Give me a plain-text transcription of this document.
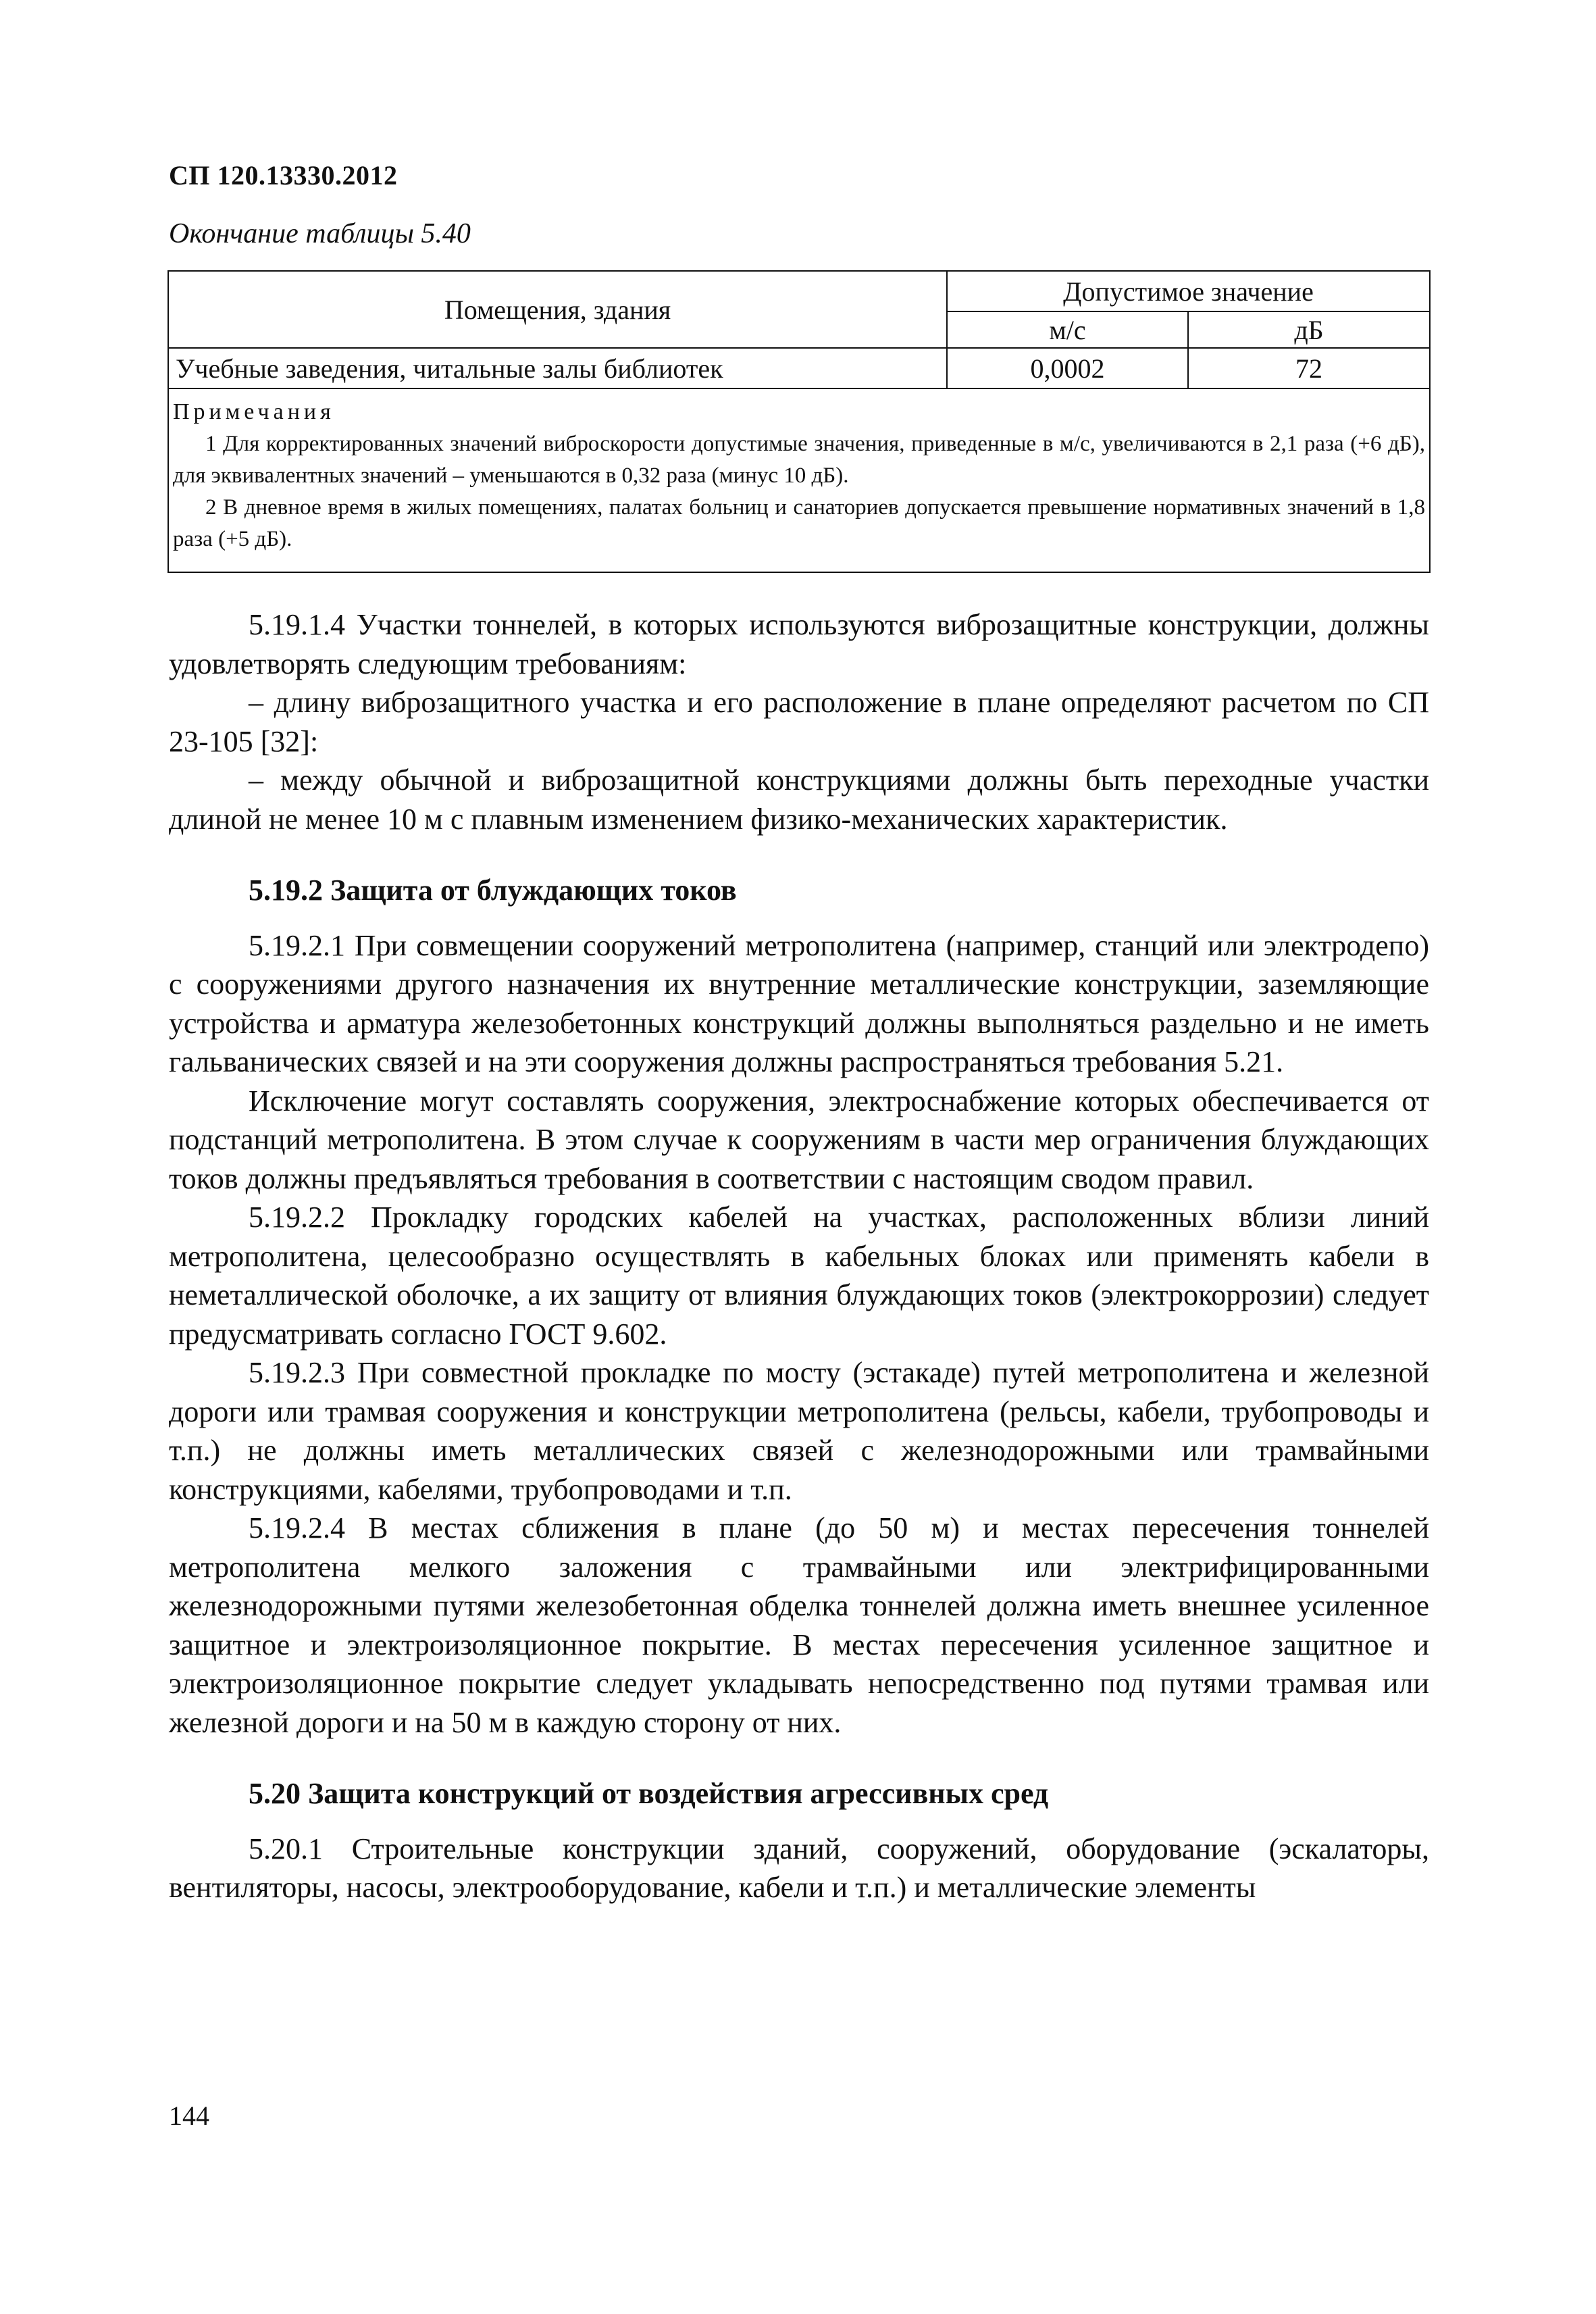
СП 120.13330.2012
Окончание таблицы 5.40
Помещения, здания	Допустимое значение	
	м/с	дБ
Учебные заведения, читальные залы библиотек	0,0002	72

Примечания

1 Для корректированных значений виброскорости допустимые значения, приведенные в м/с, увеличиваются в 2,1 раза (+6 дБ), для эквивалентных значений – уменьшаются в 0,32 раза (минус 10 дБ).

2 В дневное время в жилых помещениях, палатах больниц и санаториев допускается превышение нормативных значений в 1,8 раза (+5 дБ).		

5.19.1.4 Участки тоннелей, в которых используются виброзащитные конструкции, должны удовлетворять следующим требованиям:

– длину виброзащитного участка и его расположение в плане определяют расчетом по СП 23-105 [32]:

– между обычной и виброзащитной конструкциями должны быть переходные участки длиной не менее 10 м с плавным изменением физико-механических характеристик.

5.19.2 Защита от блуждающих токов

5.19.2.1 При совмещении сооружений метрополитена (например, станций или электродепо) с сооружениями другого назначения их внутренние металлические конструкции, заземляющие устройства и арматура железобетонных конструкций должны выполняться раздельно и не иметь гальванических связей и на эти сооружения должны распространяться требования 5.21.

Исключение могут составлять сооружения, электроснабжение которых обеспечивается от подстанций метрополитена. В этом случае к сооружениям в части мер ограничения блуждающих токов должны предъявляться требования в соответствии с настоящим сводом правил.

5.19.2.2 Прокладку городских кабелей на участках, расположенных вблизи линий метрополитена, целесообразно осуществлять в кабельных блоках или применять кабели в неметаллической оболочке, а их защиту от влияния блуждающих токов (электрокоррозии) следует предусматривать согласно ГОСТ 9.602.

5.19.2.3 При совместной прокладке по мосту (эстакаде) путей метрополитена и железной дороги или трамвая сооружения и конструкции метрополитена (рельсы, кабели, трубопроводы и т.п.) не должны иметь металлических связей с железнодорожными или трамвайными конструкциями, кабелями, трубопроводами и т.п.

5.19.2.4 В местах сближения в плане (до 50 м) и местах пересечения тоннелей метрополитена мелкого заложения с трамвайными или электрифицированными железнодорожными путями железобетонная обделка тоннелей должна иметь внешнее усиленное защитное и электроизоляционное покрытие. В местах пересечения усиленное защитное и электроизоляционное покрытие следует укладывать непосредственно под путями трамвая или железной дороги и на 50 м в каждую сторону от них.

5.20 Защита конструкций от воздействия агрессивных сред

5.20.1 Строительные конструкции зданий, сооружений, оборудование (эскалаторы, вентиляторы, насосы, электрооборудование, кабели и т.п.) и металлические элементы

144
